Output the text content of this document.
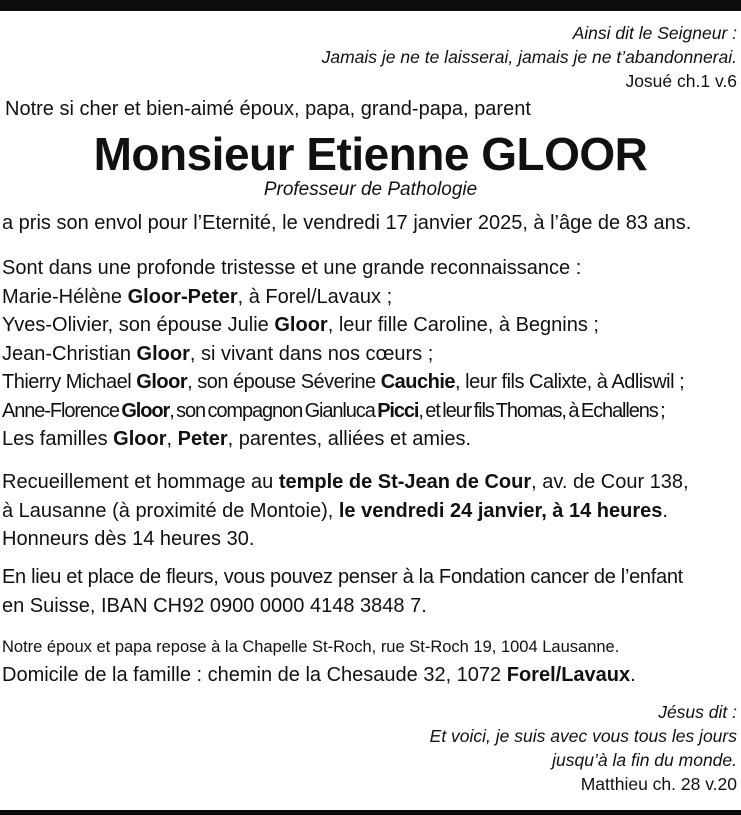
Ainsi dit le Seigneur :
Jamais je ne te laisserai, jamais je ne t’abandonnerai.
Josué ch.1 v.6
Notre si cher et bien-aimé époux, papa, grand-papa, parent
Monsieur Etienne GLOOR
Professeur de Pathologie
a pris son envol pour l’Eternité, le vendredi 17 janvier 2025, à l’âge de 83 ans.
Sont dans une profonde tristesse et une grande reconnaissance :
Marie-Hélène Gloor-Peter, à Forel/Lavaux ;
Yves-Olivier, son épouse Julie Gloor, leur fille Caroline, à Begnins ;
Jean-Christian Gloor, si vivant dans nos cœurs ;
Thierry Michael Gloor, son épouse Séverine Cauchie, leur fils Calixte, à Adliswil ;
Anne-Florence Gloor, son compagnon Gianluca Picci, et leur fils Thomas, à Echallens ;
Les familles Gloor, Peter, parentes, alliées et amies.
Recueillement et hommage au temple de St-Jean de Cour, av. de Cour 138,
à Lausanne (à proximité de Montoie), le vendredi 24 janvier, à 14 heures.
Honneurs dès 14 heures 30.
En lieu et place de fleurs, vous pouvez penser à la Fondation cancer de l’enfant
en Suisse, IBAN CH92 0900 0000 4148 3848 7.
Notre époux et papa repose à la Chapelle St-Roch, rue St-Roch 19, 1004 Lausanne.
Domicile de la famille : chemin de la Chesaude 32, 1072 Forel/Lavaux.
Jésus dit :
Et voici, je suis avec vous tous les jours
jusqu’à la fin du monde.
Matthieu ch. 28 v.20
